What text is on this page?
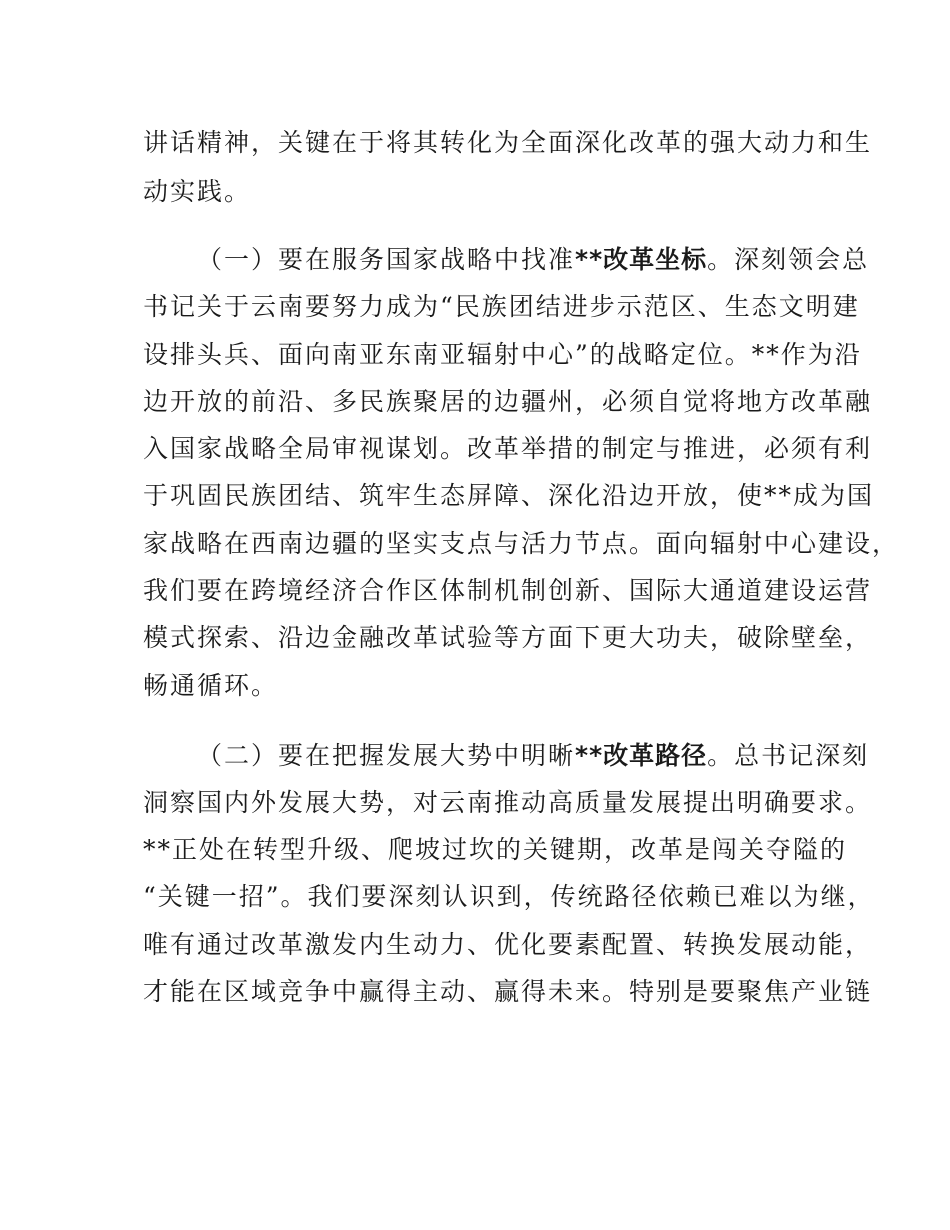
讲话精神，关键在于将其转化为全面深化改革的强大动力和生
动实践。
（一）要在服务国家战略中找准**改革坐标。深刻领会总
书记关于云南要努力成为“民族团结进步示范区、生态文明建
设排头兵、面向南亚东南亚辐射中心”的战略定位。**作为沿
边开放的前沿、多民族聚居的边疆州，必须自觉将地方改革融
入国家战略全局审视谋划。改革举措的制定与推进，必须有利
于巩固民族团结、筑牢生态屏障、深化沿边开放，使**成为国
家战略在西南边疆的坚实支点与活力节点。面向辐射中心建设，
我们要在跨境经济合作区体制机制创新、国际大通道建设运营
模式探索、沿边金融改革试验等方面下更大功夫，破除壁垒，
畅通循环。
（二）要在把握发展大势中明晰**改革路径。总书记深刻
洞察国内外发展大势，对云南推动高质量发展提出明确要求。
**正处在转型升级、爬坡过坎的关键期，改革是闯关夺隘的
“关键一招”。我们要深刻认识到，传统路径依赖已难以为继，
唯有通过改革激发内生动力、优化要素配置、转换发展动能，
才能在区域竞争中赢得主动、赢得未来。特别是要聚焦产业链
